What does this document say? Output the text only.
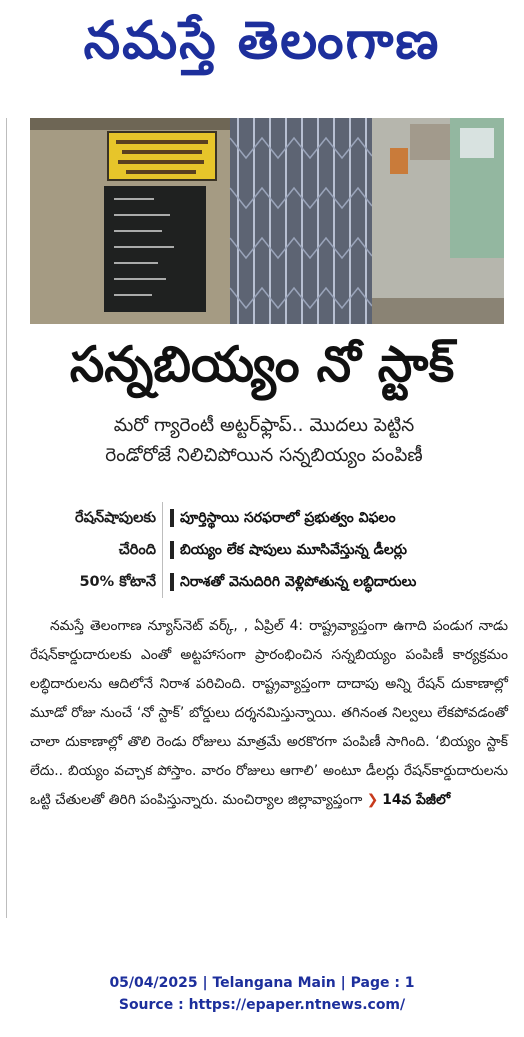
నమస్తే తెలంగాణ
సన్నబియ్యం నో స్టాక్
మరో గ్యారెంటీ అట్టర్‌ఫ్లాప్.. మొదలు పెట్టిన
రెండోరోజే నిలిచిపోయిన సన్నబియ్యం పంపిణీ
రేషన్‌షాపులకు
చేరింది
50% కోటానే
పూర్తిస్థాయి సరఫరాలో ప్రభుత్వం విఫలం
బియ్యం లేక షాపులు మూసివేస్తున్న డీలర్లు
నిరాశతో వెనుదిరిగి వెళ్లిపోతున్న లబ్ధిదారులు
నమస్తే తెలంగాణ న్యూస్‌నెట్ వర్క్, , ఏప్రిల్ 4: రాష్ట్రవ్యాప్తంగా ఉగాది పండుగ నాడు రేషన్‌కార్డుదారులకు ఎంతో అట్టహాసంగా ప్రారంభించిన సన్నబియ్యం పంపిణీ కార్యక్రమం లబ్ధిదారులను ఆదిలోనే నిరాశ పరిచింది. రాష్ట్రవ్యాప్తంగా దాదాపు అన్ని రేషన్ దుకాణాల్లో మూడో రోజు నుంచే ‘నో స్టాక్’ బోర్డులు దర్శనమిస్తున్నాయి. తగినంత నిల్వలు లేకపోవడంతో చాలా దుకాణాల్లో తొలి రెండు రోజులు మాత్రమే అరకొరగా పంపిణీ సాగింది. ‘బియ్యం స్టాక్ లేదు.. బియ్యం వచ్చాక పోస్తాం. వారం రోజులు ఆగాలి’ అంటూ డీలర్లు రేషన్‌కార్డుదారులను ఒట్టి చేతులతో తిరిగి పంపిస్తున్నారు. మంచిర్యాల జిల్లావ్యాప్తంగా ❯ 14వ పేజీలో
05/04/2025 | Telangana Main | Page : 1
Source : https://epaper.ntnews.com/
